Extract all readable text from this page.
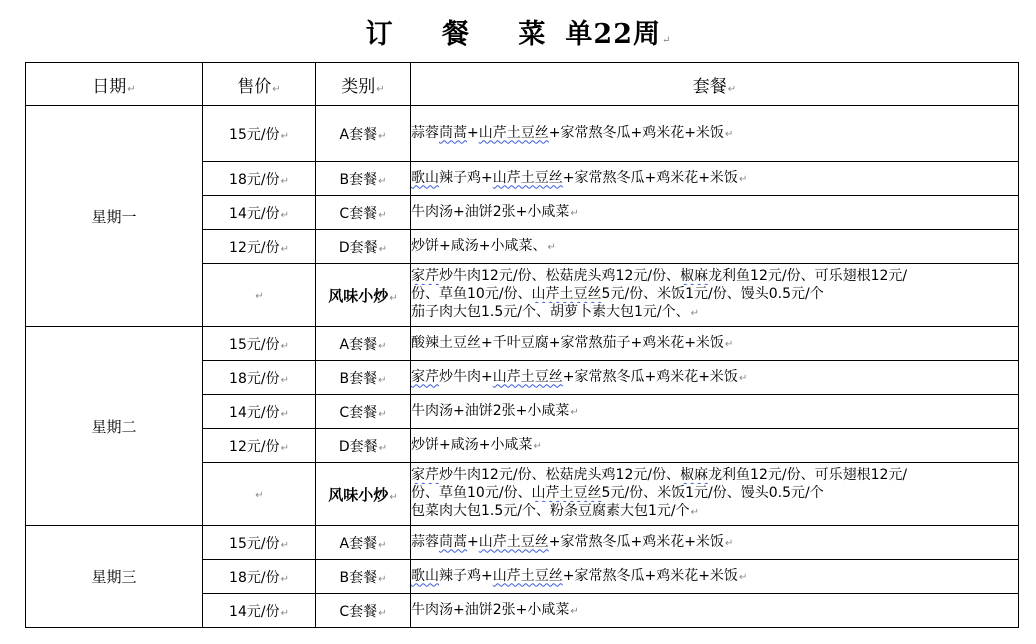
订 餐 菜单22周↵
日期↵	售价↵	类别↵	套餐↵
星期一	15元/份↵	A套餐↵	蒜蓉茼蒿+山芹土豆丝+家常熬冬瓜+鸡米花+米饭↵

	18元/份↵	B套餐↵	歌山辣子鸡+山芹土豆丝+家常熬冬瓜+鸡米花+米饭↵

	14元/份↵	C套餐↵	牛肉汤+油饼2张+小咸菜↵

	12元/份↵	D套餐↵	炒饼+咸汤+小咸菜、↵

	↵	风味小炒↵	家芹炒牛肉12元/份、松菇虎头鸡12元/份、椒麻龙利鱼12元/份、可乐翅根12元/
份、草鱼10元/份、山芹土豆丝5元/份、米饭1元/份、馒头0.5元/个
茄子肉大包1.5元/个、胡萝卜素大包1元/个、↵

星期二	15元/份↵	A套餐↵	酸辣土豆丝+千叶豆腐+家常熬茄子+鸡米花+米饭↵

	18元/份↵	B套餐↵	家芹炒牛肉+山芹土豆丝+家常熬冬瓜+鸡米花+米饭↵

	14元/份↵	C套餐↵	牛肉汤+油饼2张+小咸菜↵

	12元/份↵	D套餐↵	炒饼+咸汤+小咸菜↵

	↵	风味小炒↵	家芹炒牛肉12元/份、松菇虎头鸡12元/份、椒麻龙利鱼12元/份、可乐翅根12元/
份、草鱼10元/份、山芹土豆丝5元/份、米饭1元/份、馒头0.5元/个
包菜肉大包1.5元/个、粉条豆腐素大包1元/个↵

星期三	15元/份↵	A套餐↵	蒜蓉茼蒿+山芹土豆丝+家常熬冬瓜+鸡米花+米饭↵

	18元/份↵	B套餐↵	歌山辣子鸡+山芹土豆丝+家常熬冬瓜+鸡米花+米饭↵

	14元/份↵	C套餐↵	牛肉汤+油饼2张+小咸菜↵
